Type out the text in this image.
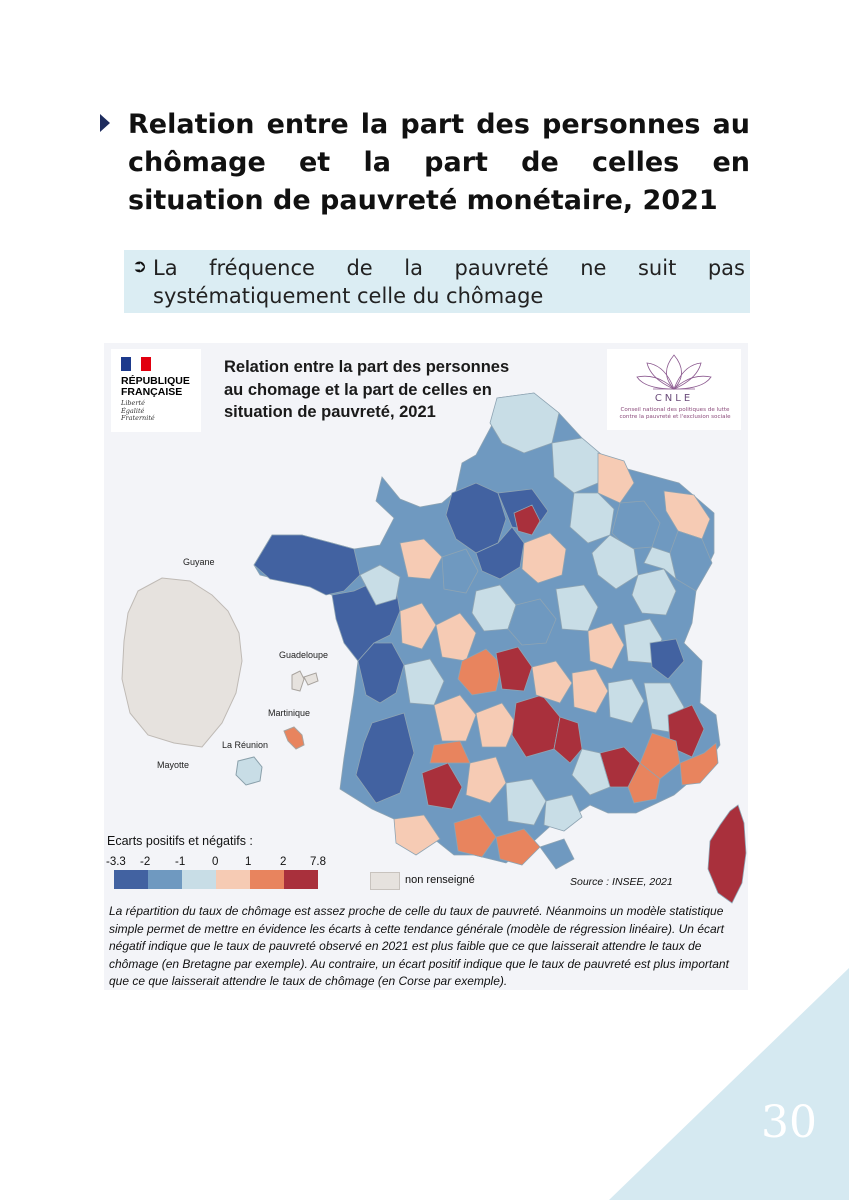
30
Relation entre la part des personnes au chômage et la part de celles en situation de pauvreté monétaire, 2021
➲ La fréquence de la pauvreté ne suit pas systématiquement celle du chômage

RÉPUBLIQUE FRANÇAISE
Liberté
Égalité
Fraternité
Relation entre la part des personnes au chomage et la part de celles en situation de pauvreté, 2021
CNLE
Conseil national des politiques de lutte contre la pauvreté et l'exclusion sociale
Guyane
Guadeloupe
Martinique
La Réunion
Mayotte
Ecarts positifs et négatifs :
-3.3 -2 -1 0 1 2 7.8
non renseigné	Source : INSEE, 2021

La répartition du taux de chômage est assez proche de celle du taux de pauvreté. Néanmoins un modèle statistique simple permet de mettre en évidence les écarts à cette tendance générale (modèle de régression linéaire). Un écart négatif indique que le taux de pauvreté observé en 2021 est plus faible que ce que laisserait attendre le taux de chômage (en Bretagne par exemple). Au contraire, un écart positif indique que le taux de pauvreté est plus important que ce que laisserait attendre le taux de chômage (en Corse par exemple).
